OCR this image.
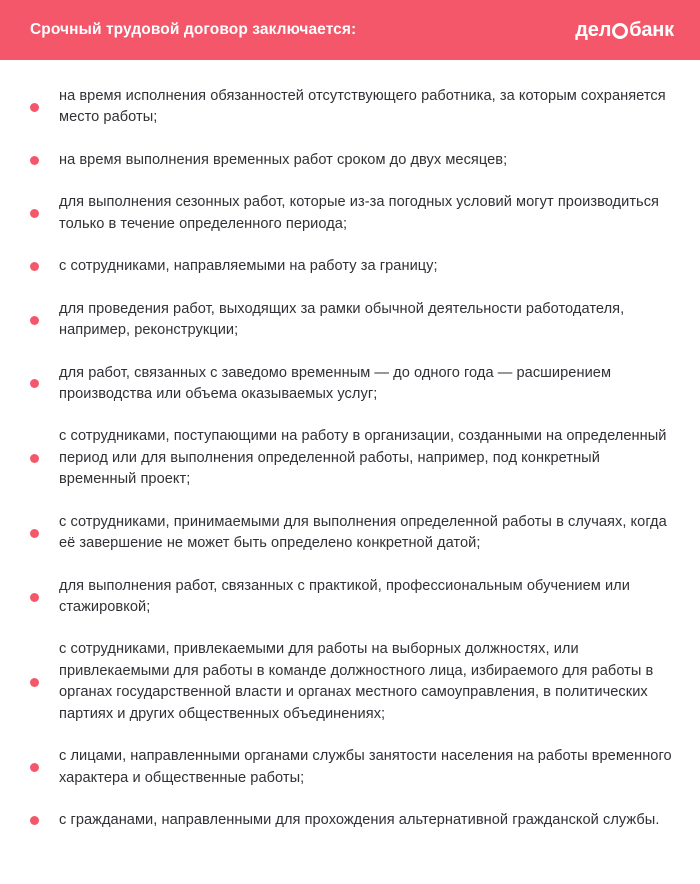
Срочный трудовой договор заключается:	дел банк
на время исполнения обязанностей отсутствующего работника, за которым сохраняется место работы;
на время выполнения временных работ сроком до двух месяцев;
для выполнения сезонных работ, которые из-за погодных условий могут производиться только в течение определенного периода;
с сотрудниками, направляемыми на работу за границу;
для проведения работ, выходящих за рамки обычной деятельности работодателя, например, реконструкции;
для работ, связанных с заведомо временным — до одного года — расширением производства или объема оказываемых услуг;
с сотрудниками, поступающими на работу в организации, созданными на определенный период или для выполнения определенной работы, например, под конкретный временный проект;
с сотрудниками, принимаемыми для выполнения определенной работы в случаях, когда её завершение не может быть определено конкретной датой;
для выполнения работ, связанных с практикой, профессиональным обучением или стажировкой;
с сотрудниками, привлекаемыми для работы на выборных должностях, или привлекаемыми для работы в команде должностного лица, избираемого для работы в органах государственной власти и органах местного самоуправления, в политических партиях и других общественных объединениях;
с лицами, направленными органами службы занятости населения на работы временного характера и общественные работы;
с гражданами, направленными для прохождения альтернативной гражданской службы.
